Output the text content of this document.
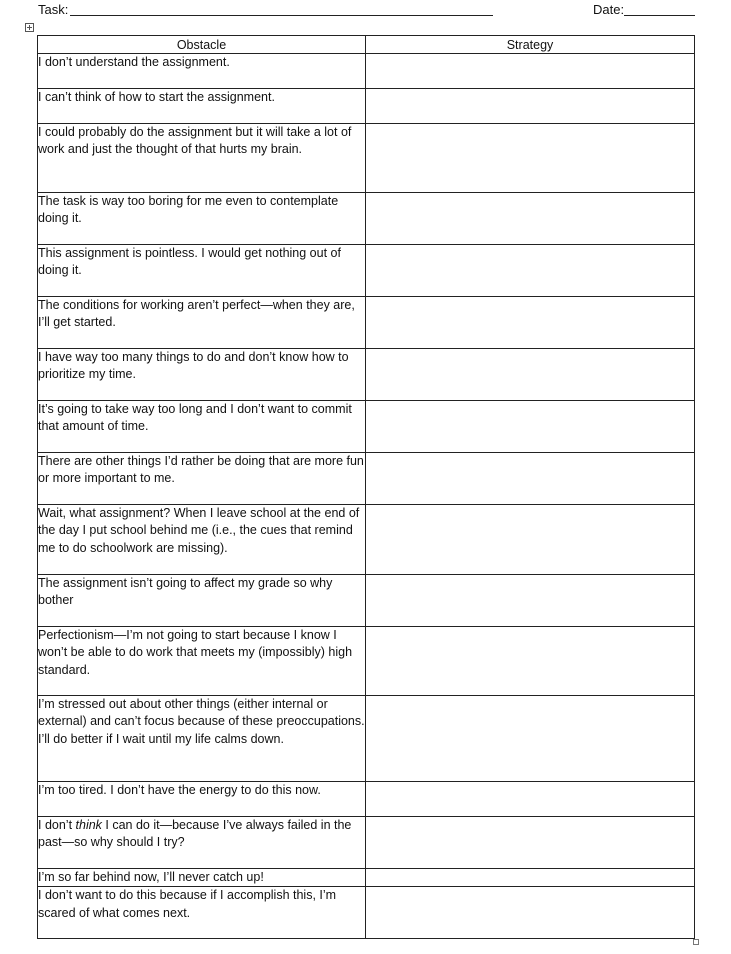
Task:	Date:
Obstacle	Strategy
I don’t understand the assignment.	
I can’t think of how to start the assignment.	
I could probably do the assignment but it will take a lot of work and just the thought of that hurts my brain.	
The task is way too boring for me even to contemplate doing it.	
This assignment is pointless. I would get nothing out of doing it.	
The conditions for working aren’t perfect—when they are, I’ll get started.	
I have way too many things to do and don’t know how to prioritize my time.	
It’s going to take way too long and I don’t want to commit that amount of time.	
There are other things I’d rather be doing that are more fun or more important to me.	
Wait, what assignment? When I leave school at the end of the day I put school behind me (i.e., the cues that remind me to do schoolwork are missing).	
The assignment isn’t going to affect my grade so why bother	
Perfectionism—I’m not going to start because I know I won’t be able to do work that meets my (impossibly) high standard.	
I’m stressed out about other things (either internal or external) and can’t focus because of these preoccupations. I’ll do better if I wait until my life calms down.	
I’m too tired. I don’t have the energy to do this now.	
I don’t think I can do it—because I’ve always failed in the past—so why should I try?	
I’m so far behind now, I’ll never catch up!	
I don’t want to do this because if I accomplish this, I’m scared of what comes next.	
